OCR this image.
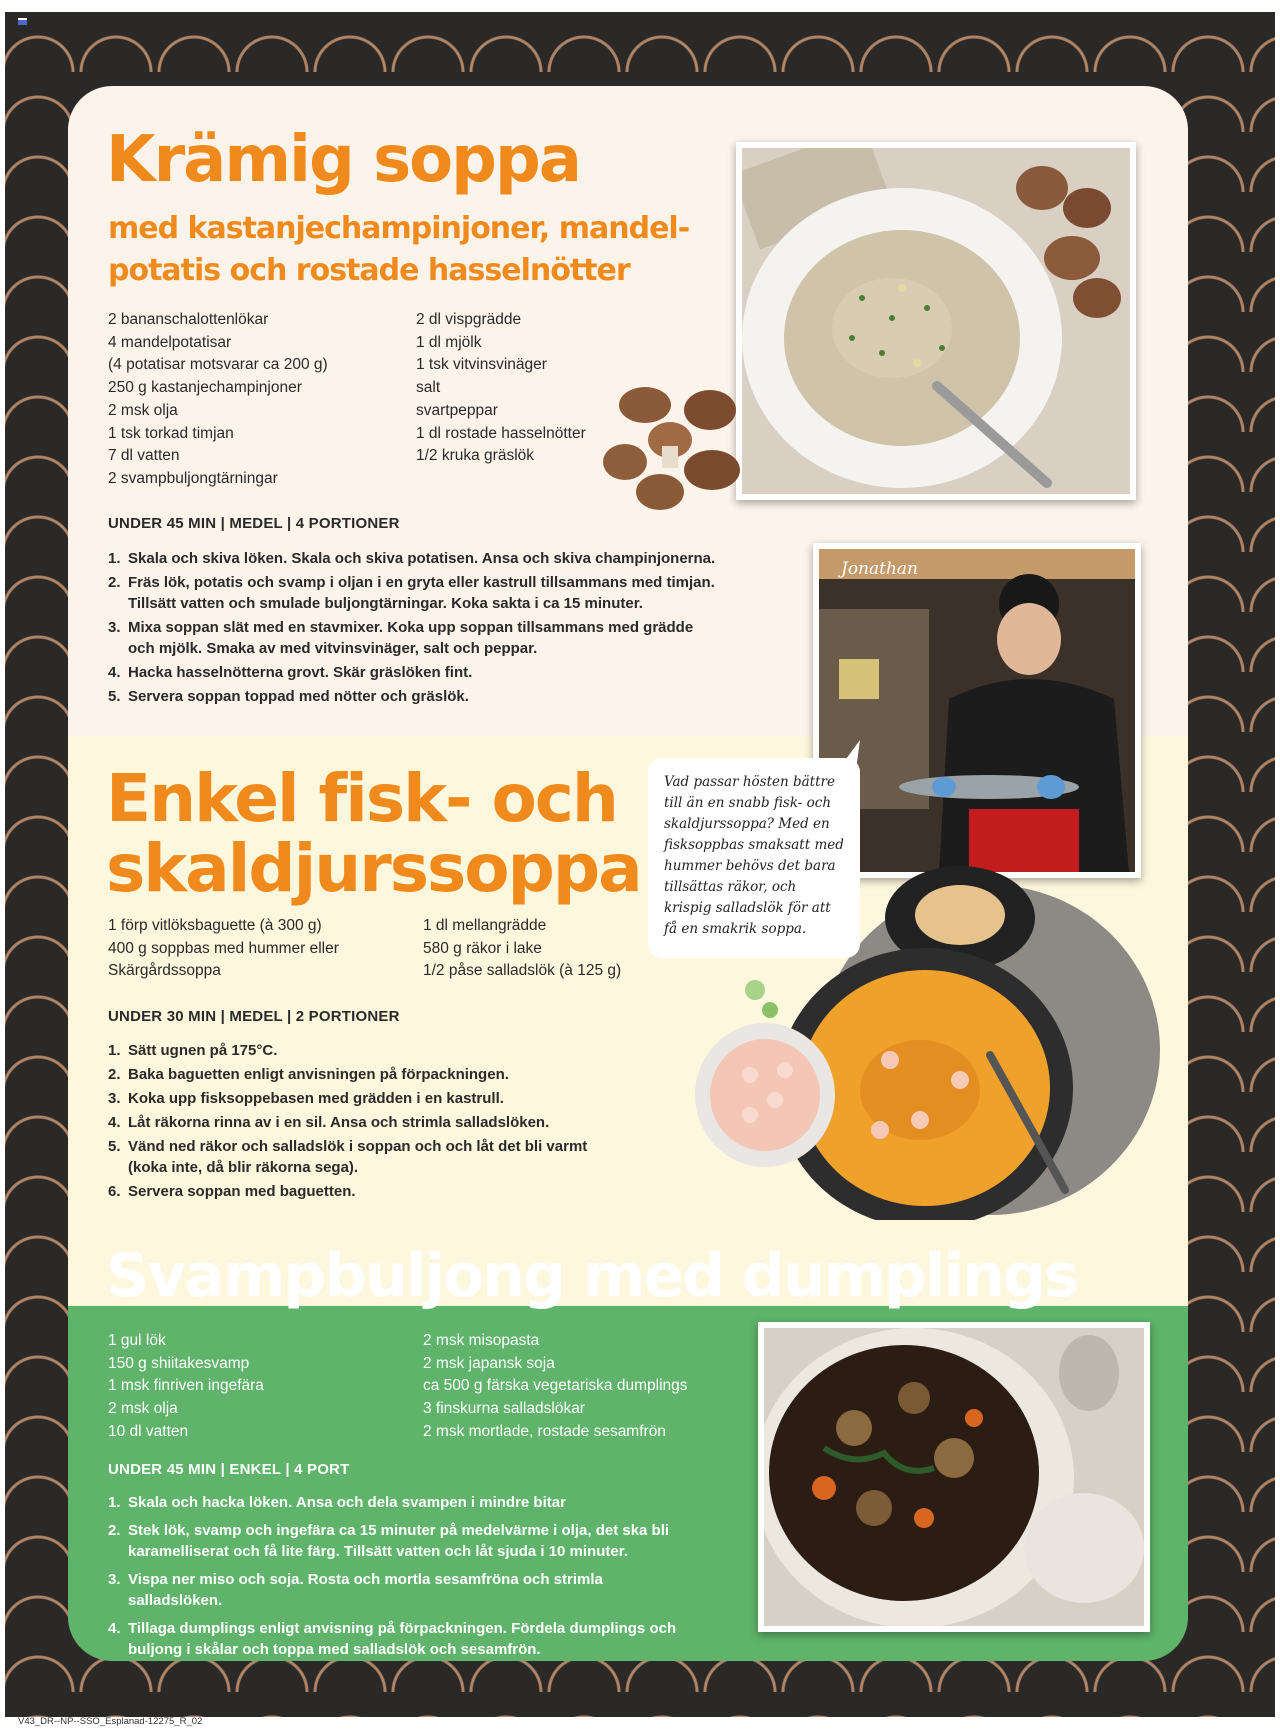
Krämig soppa
med kastanjechampinjoner, mandel-
potatis och rostade hasselnötter
2 bananschalottenlökar
4 mandelpotatisar
(4 potatisar motsvarar ca 200 g)
250 g kastanjechampinjoner
2 msk olja
1 tsk torkad timjan
7 dl vatten
2 svampbuljongtärningar
2 dl vispgrädde
1 dl mjölk
1 tsk vitvinsvinäger
salt
svartpeppar
1 dl rostade hasselnötter
1/2 kruka gräslök
UNDER 45 MIN | MEDEL | 4 PORTIONER
1. Skala och skiva löken. Skala och skiva potatisen. Ansa och skiva champinjonerna.
2. Fräs lök, potatis och svamp i oljan i en gryta eller kastrull tillsammans med timjan. Tillsätt vatten och smulade buljongtärningar. Koka sakta i ca 15 minuter.
3. Mixa soppan slät med en stavmixer. Koka upp soppan tillsammans med grädde och mjölk. Smaka av med vitvinsvinäger, salt och peppar.
4. Hacka hasselnötterna grovt. Skär gräslöken fint.
5. Servera soppan toppad med nötter och gräslök.
Jonathan
Enkel fisk- och
skaldjurssoppa
1 förp vitlöksbaguette (à 300 g)
400 g soppbas med hummer eller
Skärgårdssoppa
1 dl mellangrädde
580 g räkor i lake
1/2 påse salladslök (à 125 g)
UNDER 30 MIN | MEDEL | 2 PORTIONER
1. Sätt ugnen på 175°C.
2. Baka baguetten enligt anvisningen på förpackningen.
3. Koka upp fisksoppebasen med grädden i en kastrull.
4. Låt räkorna rinna av i en sil. Ansa och strimla salladslöken.
5. Vänd ned räkor och salladslök i soppan och och låt det bli varmt (koka inte, då blir räkorna sega).
6. Servera soppan med baguetten.
Vad passar hösten bättre till än en snabb fisk- och skaldjurssoppa? Med en fisksoppbas smaksatt med hummer behövs det bara tillsättas räkor, och krispig salladslök för att få en smakrik soppa.
Svampbuljong med dumplings
1 gul lök
150 g shiitakesvamp
1 msk finriven ingefära
2 msk olja
10 dl vatten
2 msk misopasta
2 msk japansk soja
ca 500 g färska vegetariska dumplings
3 finskurna salladslökar
2 msk mortlade, rostade sesamfrön
UNDER 45 MIN | ENKEL | 4 PORT
1. Skala och hacka löken. Ansa och dela svampen i mindre bitar
2. Stek lök, svamp och ingefära ca 15 minuter på medelvärme i olja, det ska bli karamelliserat och få lite färg. Tillsätt vatten och låt sjuda i 10 minuter.
3. Vispa ner miso och soja. Rosta och mortla sesamfröna och strimla salladslöken.
4. Tillaga dumplings enligt anvisning på förpackningen. Fördela dumplings och buljong i skålar och toppa med salladslök och sesamfrön.
V43_DR--NP--SSO_Esplanad-12275_R_02
